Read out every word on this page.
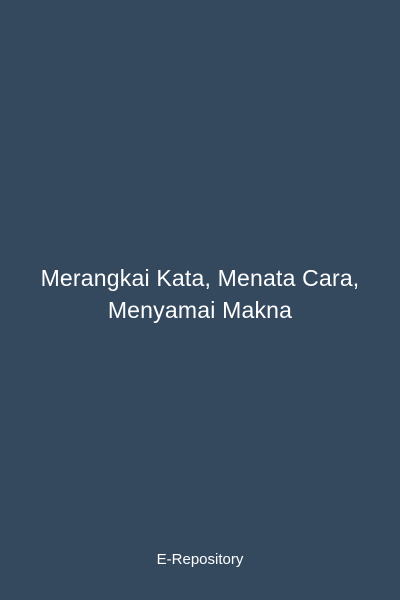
Merangkai Kata, Menata Cara,
Menyamai Makna
E-Repository
